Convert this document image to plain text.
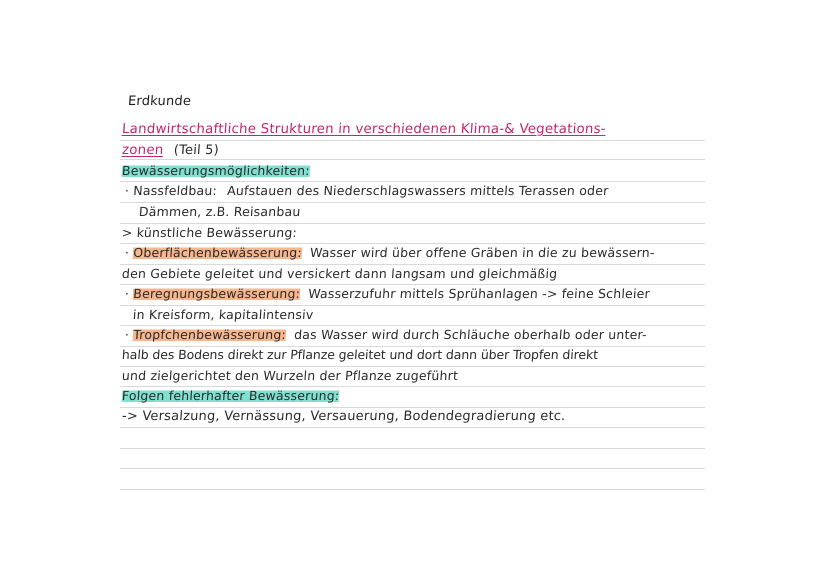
Erdkunde
Landwirtschaftliche Strukturen in verschiedenen Klima-& Vegetations-
zonen (Teil 5)
Bewässerungsmöglichkeiten:
· Nassfeldbau: Aufstauen des Niederschlagswassers mittels Terassen oder
Dämmen, z.B. Reisanbau
> künstliche Bewässerung:
· Oberflächenbewässerung: Wasser wird über offene Gräben in die zu bewässern-
den Gebiete geleitet und versickert dann langsam und gleichmäßig
· Beregnungsbewässerung: Wasserzufuhr mittels Sprühanlagen -> feine Schleier
in Kreisform, kapitalintensiv
· Tropfchenbewässerung: das Wasser wird durch Schläuche oberhalb oder unter-
halb des Bodens direkt zur Pflanze geleitet und dort dann über Tropfen direkt
und zielgerichtet den Wurzeln der Pflanze zugeführt
Folgen fehlerhafter Bewässerung:
-> Versalzung, Vernässung, Versauerung, Bodendegradierung etc.
